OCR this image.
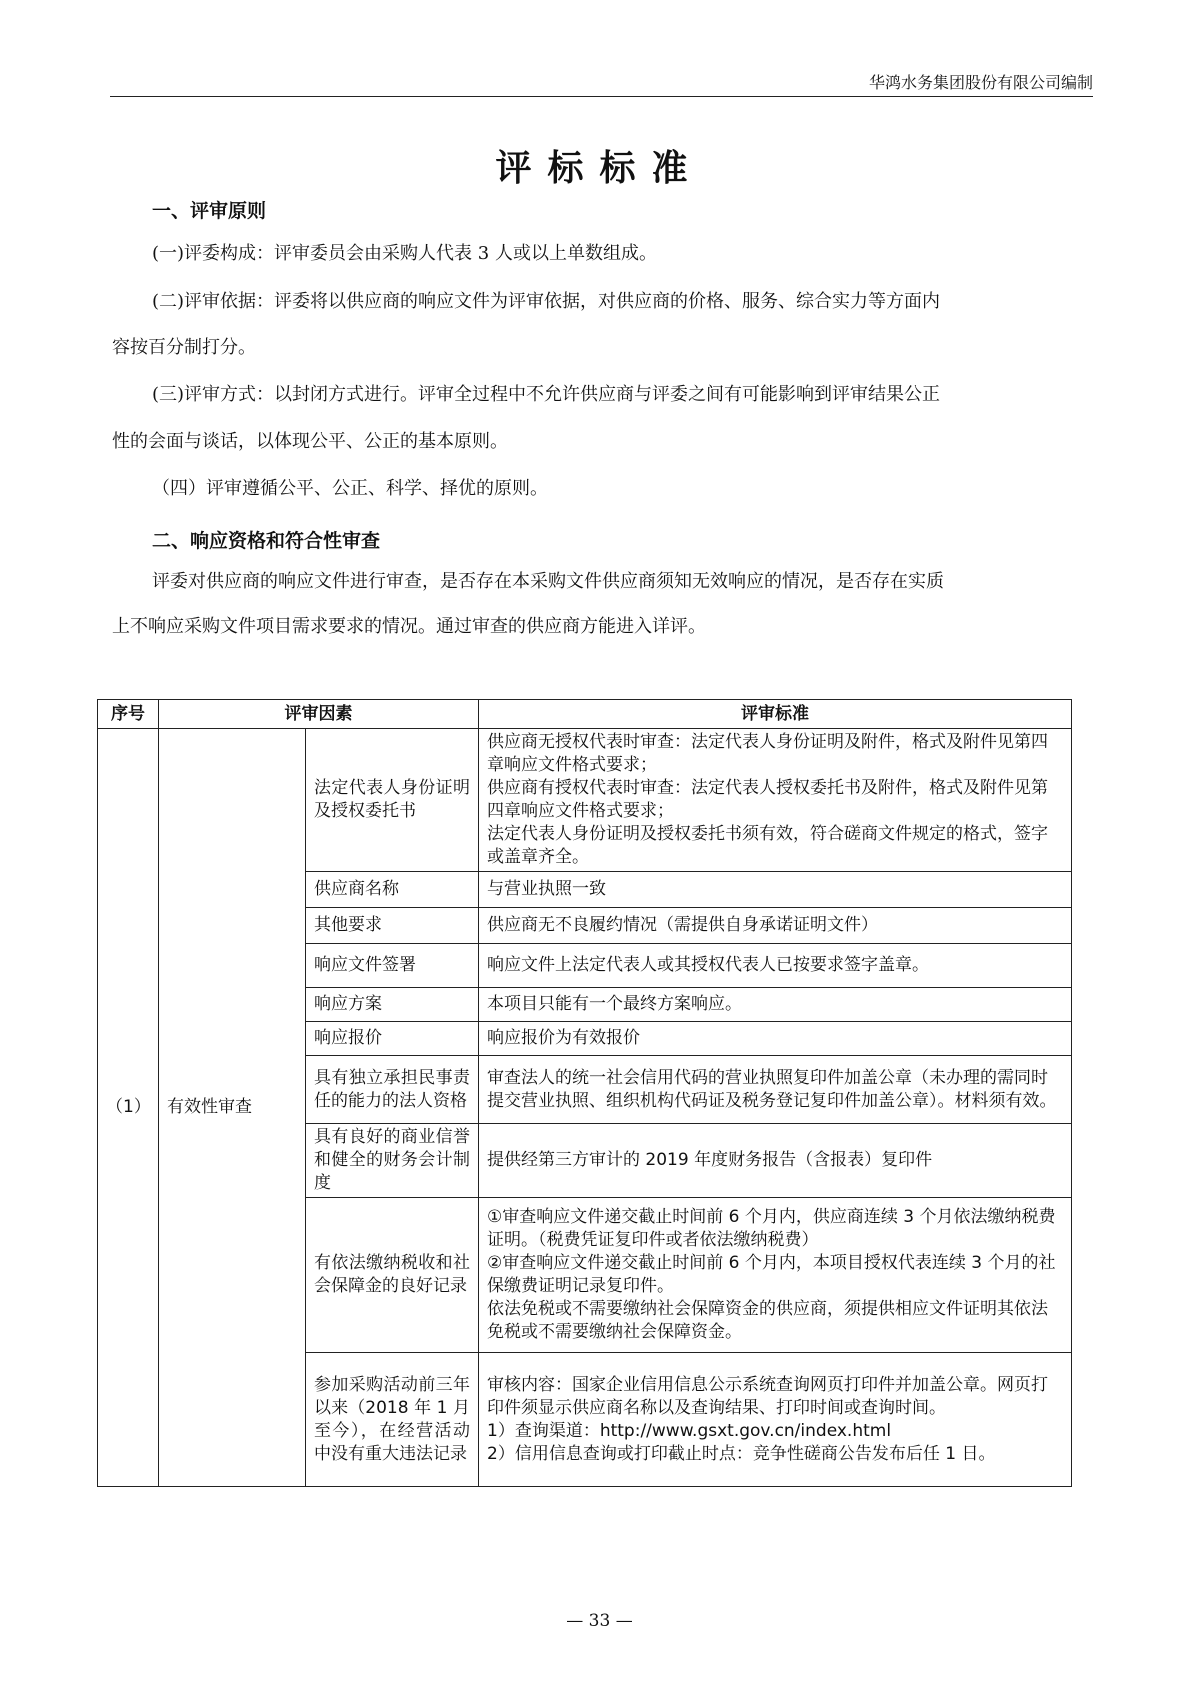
华鸿水务集团股份有限公司编制
评标标准
一、评审原则
(一)评委构成：评审委员会由采购人代表 3 人或以上单数组成。
(二)评审依据：评委将以供应商的响应文件为评审依据，对供应商的价格、服务、综合实力等方面内
容按百分制打分。
(三)评审方式：以封闭方式进行。评审全过程中不允许供应商与评委之间有可能影响到评审结果公正
性的会面与谈话，以体现公平、公正的基本原则。
（四）评审遵循公平、公正、科学、择优的原则。
二、响应资格和符合性审查
评委对供应商的响应文件进行审查，是否存在本采购文件供应商须知无效响应的情况，是否存在实质
上不响应采购文件项目需求要求的情况。通过审查的供应商方能进入详评。
序号	评审因素		评审标准
（1）	有效性审查	法定代表人身份证明及授权委托书	供应商无授权代表时审查：法定代表人身份证明及附件，格式及附件见第四章响应文件格式要求；
供应商有授权代表时审查：法定代表人授权委托书及附件，格式及附件见第四章响应文件格式要求；
法定代表人身份证明及授权委托书须有效，符合磋商文件规定的格式，签字或盖章齐全。

		供应商名称	与营业执照一致

		其他要求	供应商无不良履约情况（需提供自身承诺证明文件）

		响应文件签署	响应文件上法定代表人或其授权代表人已按要求签字盖章。

		响应方案	本项目只能有一个最终方案响应。

		响应报价	响应报价为有效报价

		具有独立承担民事责任的能力的法人资格	审查法人的统一社会信用代码的营业执照复印件加盖公章（未办理的需同时提交营业执照、组织机构代码证及税务登记复印件加盖公章）。材料须有效。

		具有良好的商业信誉和健全的财务会计制度	提供经第三方审计的 2019 年度财务报告（含报表）复印件

		有依法缴纳税收和社会保障金的良好记录	①审查响应文件递交截止时间前 6 个月内，供应商连续 3 个月依法缴纳税费证明。（税费凭证复印件或者依法缴纳税费）
②审查响应文件递交截止时间前 6 个月内，本项目授权代表连续 3 个月的社保缴费证明记录复印件。
依法免税或不需要缴纳社会保障资金的供应商，须提供相应文件证明其依法免税或不需要缴纳社会保障资金。

		参加采购活动前三年以来（2018 年 1 月至今），在经营活动中没有重大违法记录	审核内容：国家企业信用信息公示系统查询网页打印件并加盖公章。网页打印件须显示供应商名称以及查询结果、打印时间或查询时间。
1）查询渠道：http://www.gsxt.gov.cn/index.html
2）信用信息查询或打印截止时点：竞争性磋商公告发布后任 1 日。
— 33 —
